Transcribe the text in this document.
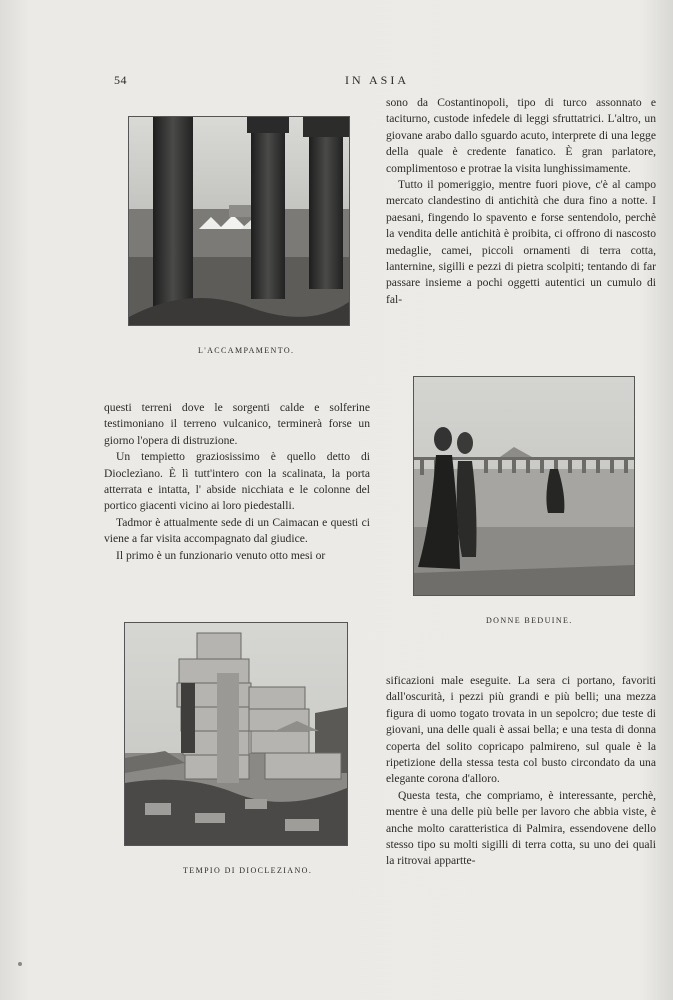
54	IN ASIA
L'ACCAMPAMENTO.

sono da Costantinopoli, tipo di turco assonnato e taciturno, custode infedele di leggi sfruttatrici. L'altro, un giovane arabo dallo sguardo acuto, interprete di una legge della quale è credente fanatico. È gran parlatore, complimentoso e protrae la visita lunghissimamente.

Tutto il pomeriggio, mentre fuori piove, c'è al campo mercato clandestino di antichità che dura fino a notte. I paesani, fingendo lo spavento e forse sentendolo, perchè la vendita delle antichità è proibita, ci offrono di nascosto medaglie, camei, piccoli ornamenti di terra cotta, lanternine, sigilli e pezzi di pietra scolpiti; tentando di far passare insieme a pochi oggetti autentici un cumulo di fal-

DONNE BEDUINE.

questi terreni dove le sorgenti calde e solferine testimoniano il terreno vulcanico, terminerà forse un giorno l'opera di distruzione.

Un tempietto graziosissimo è quello detto di Dioclezìano. È lì tutt'intero con la scalinata, la porta atterrata e intatta, l' abside nicchiata e le colonne del portico giacenti vicino ai loro piedestalli.

Tadmor è attualmente sede di un Caimacan e questi ci viene a far visita accompagnato dal giudice.

Il primo è un funzionario venuto otto mesi or

TEMPIO DI DIOCLEZIANO.

sificazioni male eseguite. La sera ci portano, favoriti dall'oscurità, i pezzi più grandi e più belli; una mezza figura di uomo togato trovata in un sepolcro; due teste di giovani, una delle quali è assai bella; e una testa di donna coperta del solito copricapo palmireno, sul quale è la ripetizione della stessa testa col busto circondato da una elegante corona d'alloro.

Questa testa, che compriamo, è interessante, perchè, mentre è una delle più belle per lavoro che abbia viste, è anche molto caratteristica di Palmira, essendovene dello stesso tipo su molti sigilli di terra cotta, su uno dei quali la ritrovai appartte-
